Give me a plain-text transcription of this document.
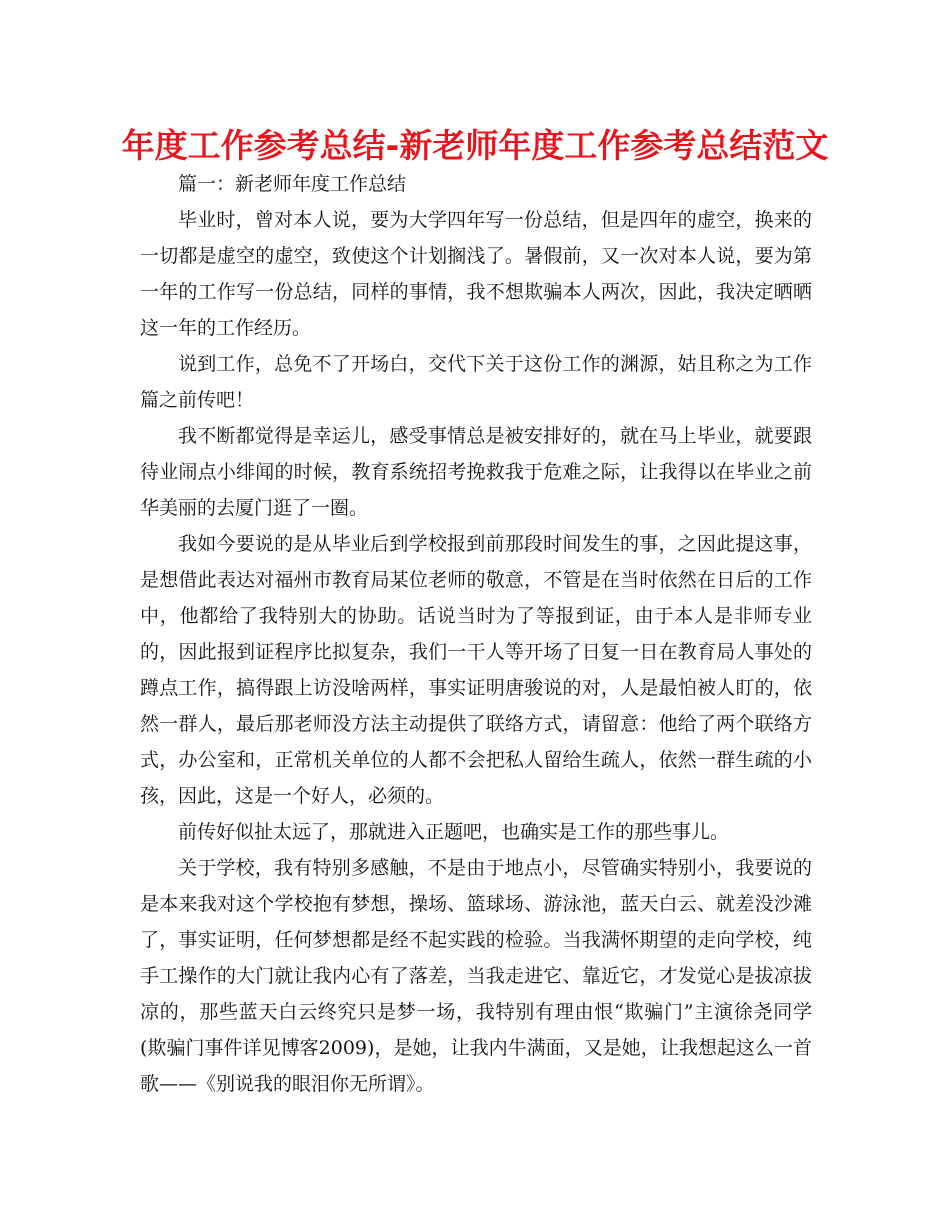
年度工作参考总结-新老师年度工作参考总结范文

篇一：新老师年度工作总结

毕业时，曾对本人说，要为大学四年写一份总结，但是四年的虚空，换来的一切都是虚空的虚空，致使这个计划搁浅了。暑假前，又一次对本人说，要为第一年的工作写一份总结，同样的事情，我不想欺骗本人两次，因此，我决定晒晒这一年的工作经历。

说到工作，总免不了开场白，交代下关于这份工作的渊源，姑且称之为工作篇之前传吧！

我不断都觉得是幸运儿，感受事情总是被安排好的，就在马上毕业，就要跟待业闹点小绯闻的时候，教育系统招考挽救我于危难之际，让我得以在毕业之前华美丽的去厦门逛了一圈。

我如今要说的是从毕业后到学校报到前那段时间发生的事，之因此提这事，是想借此表达对福州市教育局某位老师的敬意，不管是在当时依然在日后的工作中，他都给了我特别大的协助。话说当时为了等报到证，由于本人是非师专业的，因此报到证程序比拟复杂，我们一干人等开场了日复一日在教育局人事处的蹲点工作，搞得跟上访没啥两样，事实证明唐骏说的对，人是最怕被人盯的，依然一群人，最后那老师没方法主动提供了联络方式，请留意：他给了两个联络方式，办公室和，正常机关单位的人都不会把私人留给生疏人，依然一群生疏的小孩，因此，这是一个好人，必须的。

前传好似扯太远了，那就进入正题吧，也确实是工作的那些事儿。

关于学校，我有特别多感触，不是由于地点小，尽管确实特别小，我要说的是本来我对这个学校抱有梦想，操场、篮球场、游泳池，蓝天白云、就差没沙滩了，事实证明，任何梦想都是经不起实践的检验。当我满怀期望的走向学校，纯手工操作的大门就让我内心有了落差，当我走进它、靠近它，才发觉心是拔凉拔凉的，那些蓝天白云终究只是梦一场，我特别有理由恨“欺骗门”主演徐尧同学(欺骗门事件详见博客2009)，是她，让我内牛满面，又是她，让我想起这么一首歌——《别说我的眼泪你无所谓》。
